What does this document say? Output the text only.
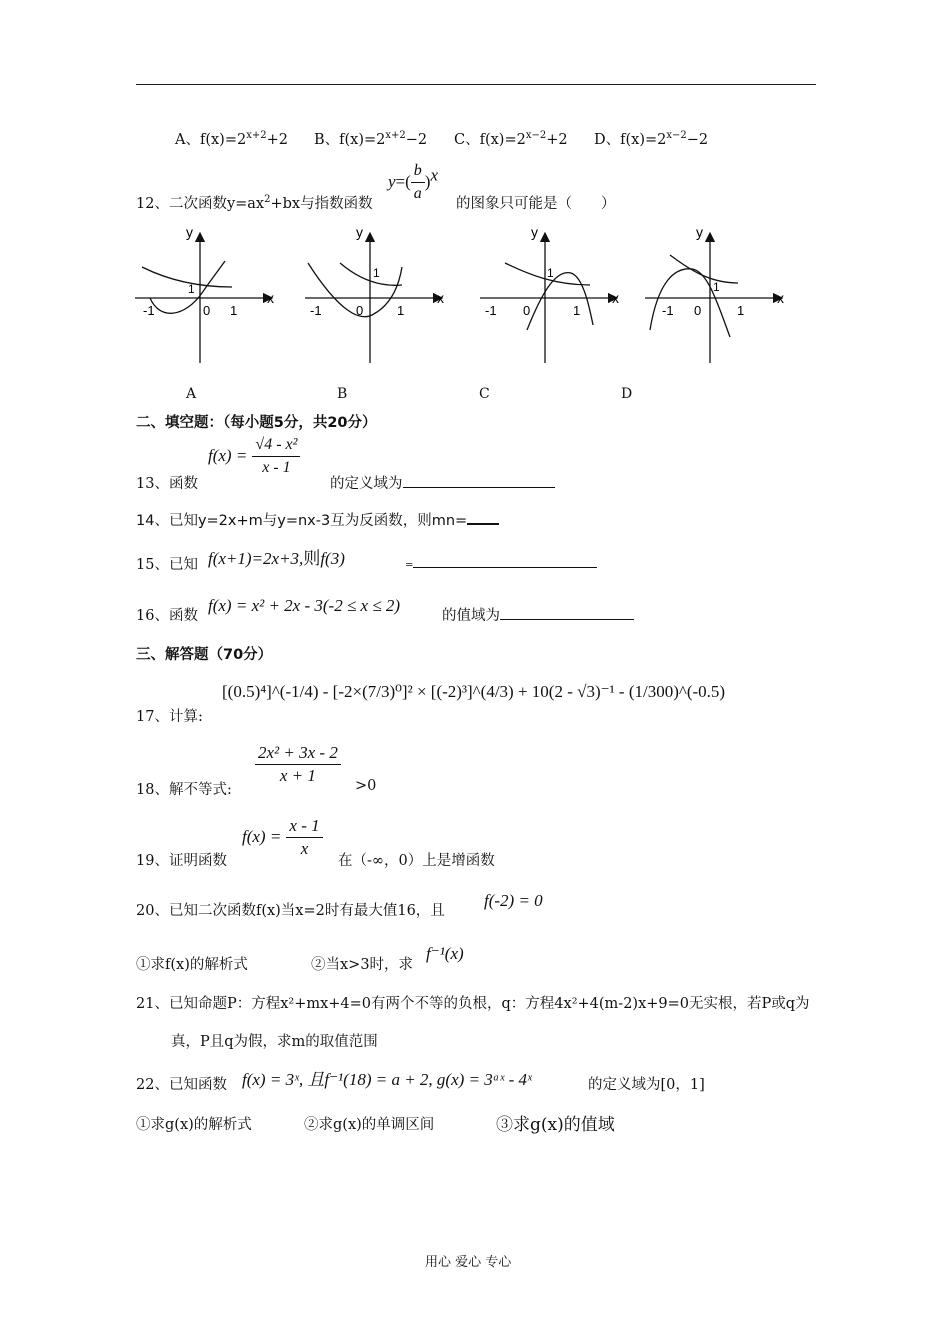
A、$f(x)=2^{x+2}+2$ B、$f(x)=2^{x+2}-2$ C、$f(x)=2^{x-2}+2$ D、$f(x)=2^{x-2}-2$
12、二次函数$y=ax^2+bx$与指数函数
$y=( \frac{b}{a} )^x$
的图象只可能是（　　）
y
x
-1	0 1
1
y
x
-1	0	1
1
y
x
-1 0	1
1
y
x
-1 0	1
1
A	B	C	D
二、填空题：（每小题5分，共20分）
13、函数
$f(x) = \frac{\text{√4 - x²}}{x - 1}$
的定义域为
14、已知y=2x+m与y=nx-3互为反函数，则mn=
15、已知 f(x+1)=2x+3,则f(3)	=
16、函数
f(x) = x² + 2x - 3(-2 ≤ x ≤ 2)
的值域为
三、解答题（70分）
17、计算:
[(0.5)⁴]^(-1/4) - [-2×(7/3)⁰]² × [(-2)³]^(4/3) + 10(2 - √3)⁻¹ - (1/300)^(-0.5)
18、解不等式:
$\frac{\text{2x² + 3x - 2}}{x + 1} >0$
19、证明函数
$f(x) = \frac{x - 1}{x}$
在（-∞，0）上是增函数
20、已知二次函数f(x)当x=2时有最大值16，且
f(-2) = 0
①求f(x)的解析式	②当x>3时，求
f⁻¹(x)
21、已知命题P：方程x²+mx+4=0有两个不等的负根，q：方程4x²+4(m-2)x+9=0无实根，若P或q为
真，P且q为假，求m的取值范围
22、已知函数 f(x) = 3ˣ, 且f⁻¹(18) = a + 2, g(x) = 3ᵃˣ - 4ˣ	的定义域为[0，1]
①求g(x)的解析式	②求g(x)的单调区间	③求g(x)的值域
用心 爱心 专心
